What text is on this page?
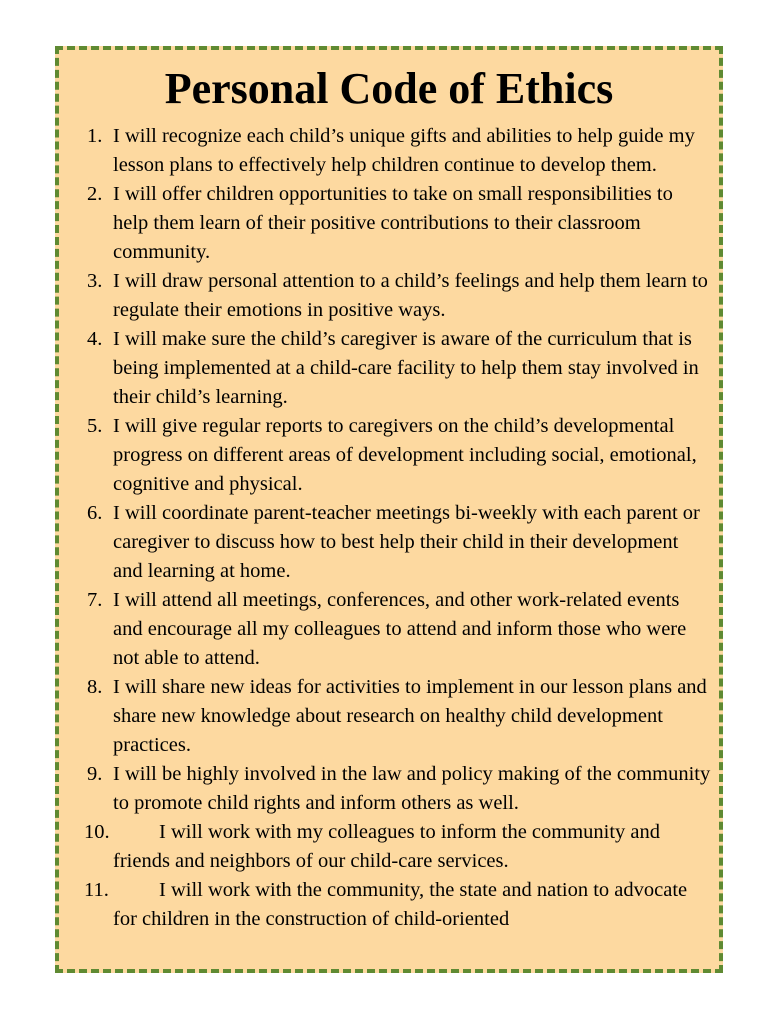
Personal Code of Ethics
1. I will recognize each child’s unique gifts and abilities to help guide my lesson plans to effectively help children continue to develop them.
2. I will offer children opportunities to take on small responsibilities to help them learn of their positive contributions to their classroom community.
3. I will draw personal attention to a child’s feelings and help them learn to regulate their emotions in positive ways.
4. I will make sure the child’s caregiver is aware of the curriculum that is being implemented at a child-care facility to help them stay involved in their child’s learning.
5. I will give regular reports to caregivers on the child’s developmental progress on different areas of development including social, emotional, cognitive and physical.
6. I will coordinate parent-teacher meetings bi-weekly with each parent or caregiver to discuss how to best help their child in their development and learning at home.
7. I will attend all meetings, conferences, and other work-related events and encourage all my colleagues to attend and inform those who were not able to attend.
8. I will share new ideas for activities to implement in our lesson plans and share new knowledge about research on healthy child development practices.
9. I will be highly involved in the law and policy making of the community to promote child rights and inform others as well.
10. I will work with my colleagues to inform the community and friends and neighbors of our child-care services.
11. I will work with the community, the state and nation to advocate for children in the construction of child-oriented
